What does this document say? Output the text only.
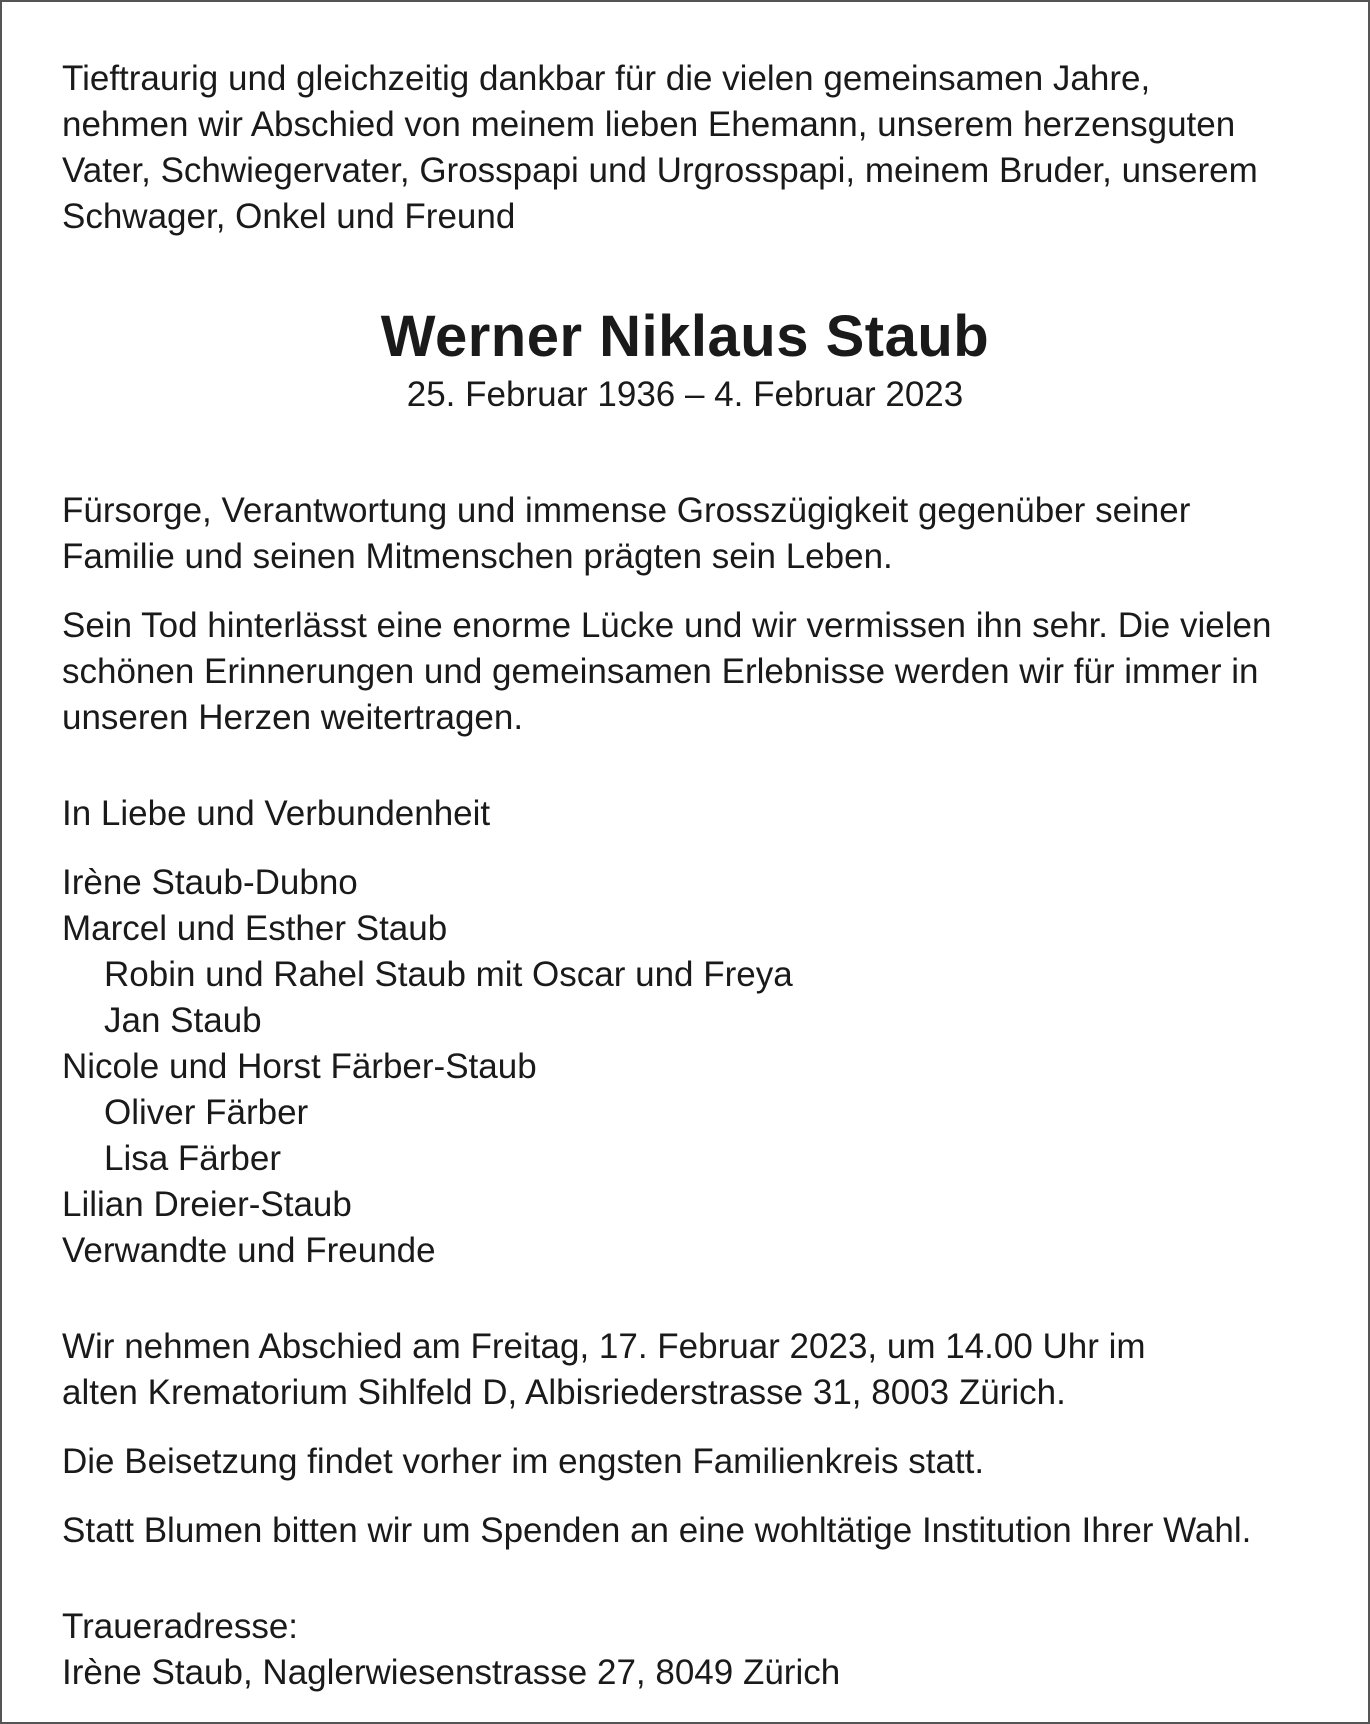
Tieftraurig und gleichzeitig dankbar für die vielen gemeinsamen Jahre,

nehmen wir Abschied von meinem lieben Ehemann, unserem herzensguten

Vater, Schwiegervater, Grosspapi und Urgrosspapi, meinem Bruder, unserem

Schwager, Onkel und Freund

Werner Niklaus Staub

25. Februar 1936 – 4. Februar 2023

Fürsorge, Verantwortung und immense Grosszügigkeit gegenüber seiner

Familie und seinen Mitmenschen prägten sein Leben.

Sein Tod hinterlässt eine enorme Lücke und wir vermissen ihn sehr. Die vielen

schönen Erinnerungen und gemeinsamen Erlebnisse werden wir für immer in

unseren Herzen weitertragen.

In Liebe und Verbundenheit

Irène Staub-Dubno

Marcel und Esther Staub

Robin und Rahel Staub mit Oscar und Freya

Jan Staub

Nicole und Horst Färber-Staub

Oliver Färber

Lisa Färber

Lilian Dreier-Staub

Verwandte und Freunde

Wir nehmen Abschied am Freitag, 17. Februar 2023, um 14.00 Uhr im

alten Krematorium Sihlfeld D, Albisriederstrasse 31, 8003 Zürich.

Die Beisetzung findet vorher im engsten Familienkreis statt.

Statt Blumen bitten wir um Spenden an eine wohltätige Institution Ihrer Wahl.

Traueradresse:

Irène Staub, Naglerwiesenstrasse 27, 8049 Zürich
